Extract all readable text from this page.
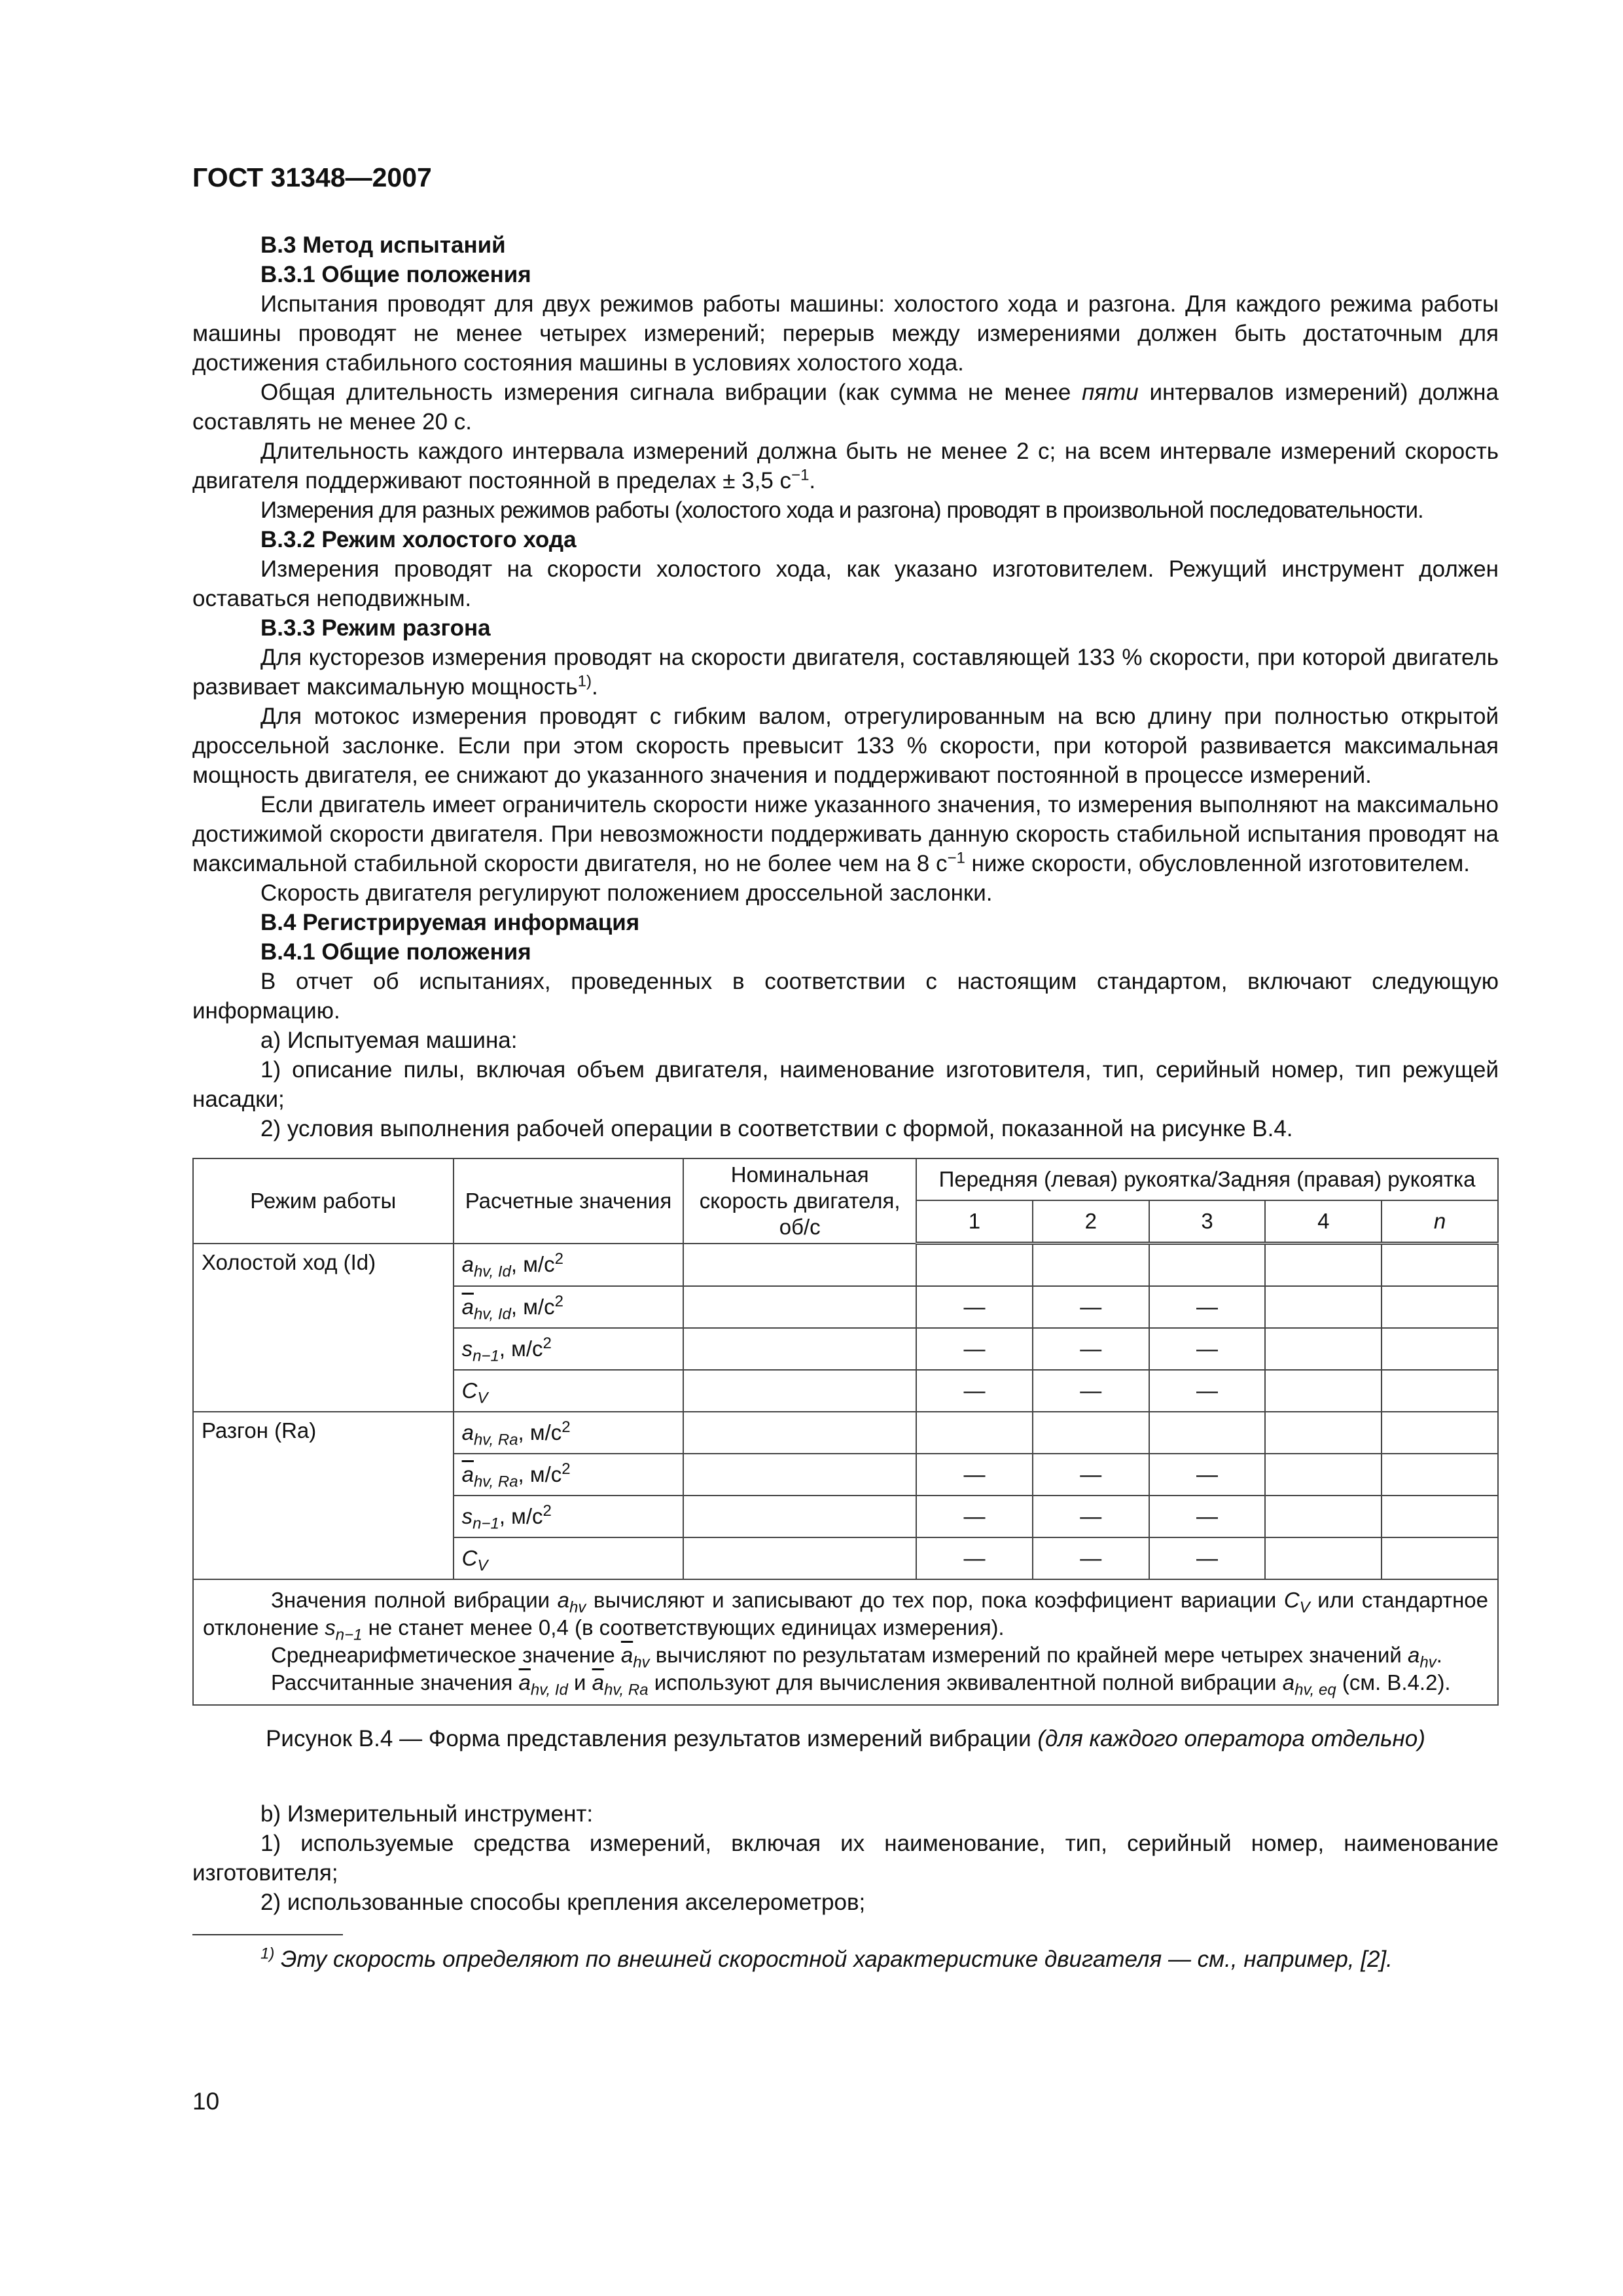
ГОСТ 31348—2007

В.3 Метод испытаний

В.3.1 Общие положения

Испытания проводят для двух режимов работы машины: холостого хода и разгона. Для каждого режима работы машины проводят не менее четырех измерений; перерыв между измерениями должен быть достаточным для достижения стабильного состояния машины в условиях холостого хода.

Общая длительность измерения сигнала вибрации (как сумма не менее пяти интервалов измерений) должна составлять не менее 20 с.

Длительность каждого интервала измерений должна быть не менее 2 с; на всем интервале измерений скорость двигателя поддерживают постоянной в пределах ± 3,5 $с^{-1}$.

Измерения для разных режимов работы (холостого хода и разгона) проводят в произвольной последовательности.

В.3.2 Режим холостого хода

Измерения проводят на скорости холостого хода, как указано изготовителем. Режущий инструмент должен оставаться неподвижным.

В.3.3 Режим разгона

Для кусторезов измерения проводят на скорости двигателя, составляющей 133 % скорости, при которой двигатель развивает максимальную мощность$^{1)}$.

Для мотокос измерения проводят с гибким валом, отрегулированным на всю длину при полностью открытой дроссельной заслонке. Если при этом скорость превысит 133 % скорости, при которой развивается максимальная мощность двигателя, ее снижают до указанного значения и поддерживают постоянной в процессе измерений.

Если двигатель имеет ограничитель скорости ниже указанного значения, то измерения выполняют на максимально достижимой скорости двигателя. При невозможности поддерживать данную скорость стабильной испытания проводят на максимальной стабильной скорости двигателя, но не более чем на 8 $с^{-1}$ ниже скорости, обусловленной изготовителем.

Скорость двигателя регулируют положением дроссельной заслонки.

В.4 Регистрируемая информация

В.4.1 Общие положения

В отчет об испытаниях, проведенных в соответствии с настоящим стандартом, включают следующую информацию.

а) Испытуемая машина:

1) описание пилы, включая объем двигателя, наименование изготовителя, тип, серийный номер, тип режущей насадки;

2) условия выполнения рабочей операции в соответствии с формой, показанной на рисунке В.4.

Режим работы	Расчетные значения	Номинальная скорость двигателя, об/с	Передняя (левая) рукоятка/Задняя (правая) рукоятка				
			1	2	3	4	n
Холостой ход (Id)	$a_{hv, Id}$, $м/с^2$						
	$\overline{a}_{hv, Id}$, $м/с^2$		—	—	—		
	$s_{n-1}$, $м/с^2$		—	—	—		
	$C_V$		—	—	—		
Разгон (Ra)	$a_{hv, Ra}$, $м/с^2$						
	$\overline{a}_{hv, Ra}$, $м/с^2$		—	—	—		
	$s_{n-1}$, $м/с^2$		—	—	—		
	$C_V$		—	—	—		

Значения полной вибрации $a_{hv}$ вычисляют и записывают до тех пор, пока коэффициент вариации $C_V$ или стандартное отклонение $s_{n-1}$ не станет менее 0,4 (в соответствующих единицах измерения).

Среднеарифметическое значение $\overline{a}_{hv}$ вычисляют по результатам измерений по крайней мере четырех значений $a_{hv}$.

Рассчитанные значения $\overline{a}_{hv, Id}$ и $\overline{a}_{hv, Ra}$ используют для вычисления эквивалентной полной вибрации $a_{hv, eq}$ (см. В.4.2).							

Рисунок В.4 — Форма представления результатов измерений вибрации (для каждого оператора отдельно)

b) Измерительный инструмент:

1) используемые средства измерений, включая их наименование, тип, серийный номер, наименование изготовителя;

2) использованные способы крепления акселерометров;

$^{1)}$ Эту скорость определяют по внешней скоростной характеристике двигателя — см., например, [2].

10
